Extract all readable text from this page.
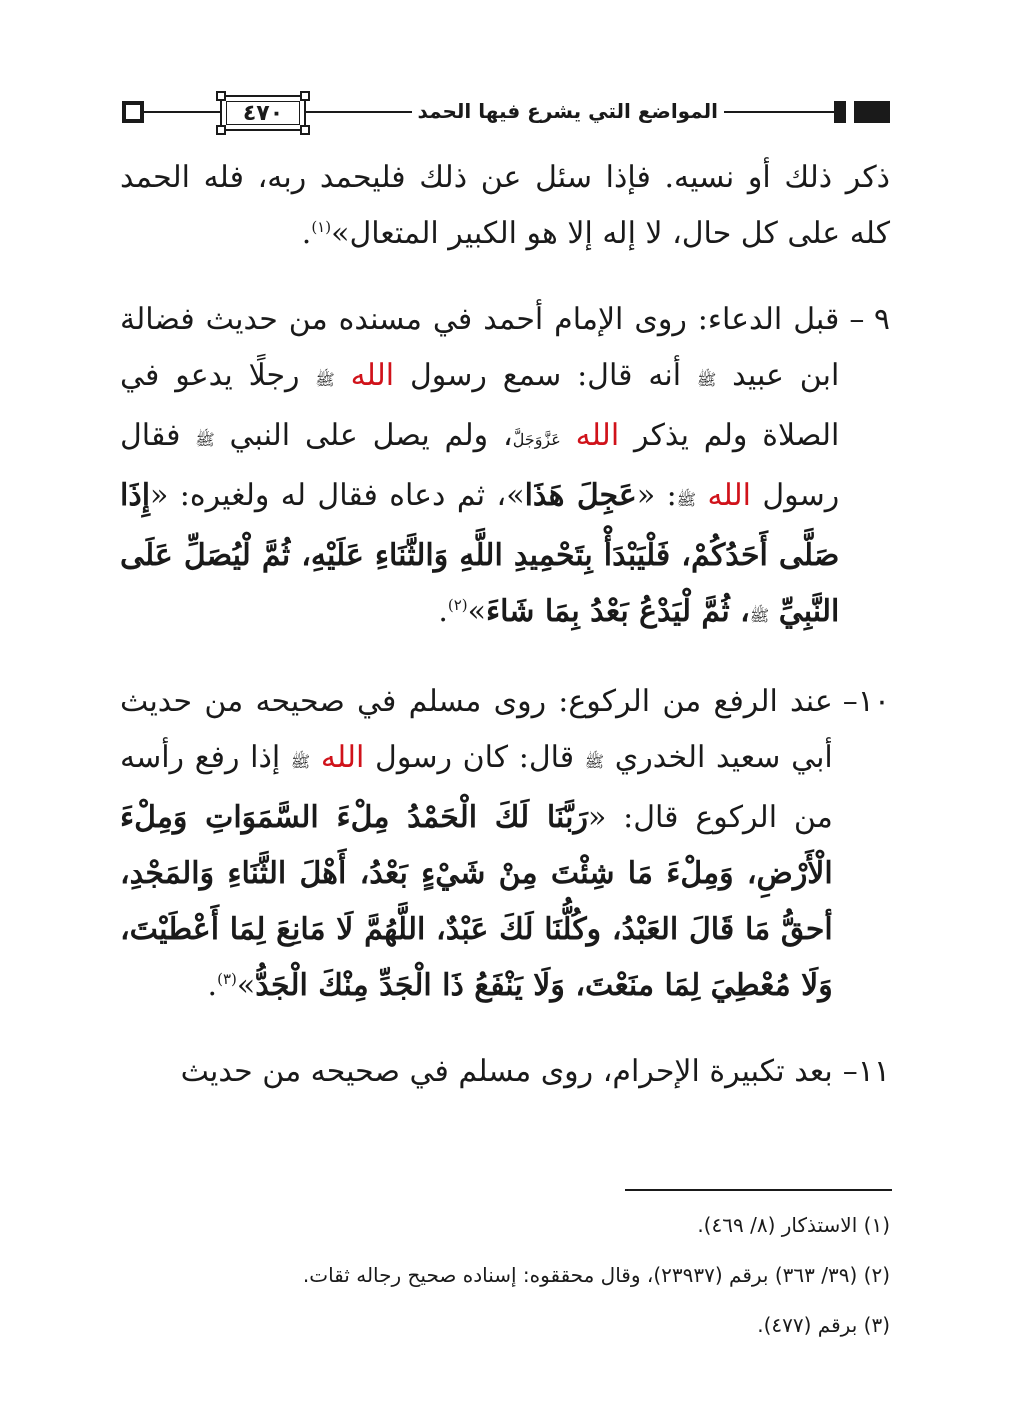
٤٧٠	المواضع التي يشرع فيها الحمد

ذكر ذلك أو نسيه. فإذا سئل عن ذلك فليحمد ربه، فله الحمد كله على كل حال، لا إله إلا هو الكبير المتعال»$^{(١)}$.

٩ –

قبل الدعاء: روى الإمام أحمد في مسنده من حديث فضالة ابن عبيد ﷺ أنه قال: سمع رسول الله ﷺ رجلًا يدعو في الصلاة ولم يذكر الله عَزَّوَجَلَّ، ولم يصل على النبي ﷺ فقال رسول الله ﷺ: «عَجِلَ هَذَا»، ثم دعاه فقال له ولغيره: «إِذَا صَلَّى أَحَدُكُمْ، فَلْيَبْدَأْ بِتَحْمِيدِ اللَّهِ وَالثَّنَاءِ عَلَيْهِ، ثُمَّ لْيُصَلِّ عَلَى النَّبِيِّ ﷺ، ثُمَّ لْيَدْعُ بَعْدُ بِمَا شَاءَ»$^{(٢)}$.

١٠–

عند الرفع من الركوع: روى مسلم في صحيحه من حديث أبي سعيد الخدري ﷺ قال: كان رسول الله ﷺ إذا رفع رأسه من الركوع قال: «رَبَّنَا لَكَ الْحَمْدُ مِلْءَ السَّمَوَاتِ وَمِلْءَ الْأَرْضِ، وَمِلْءَ مَا شِئْتَ مِنْ شَيْءٍ بَعْدُ، أَهْلَ الثَّنَاءِ وَالمَجْدِ، أحقُّ مَا قَالَ العَبْدُ، وكُلُّنَا لَكَ عَبْدٌ، اللَّهُمَّ لَا مَانِعَ لِمَا أَعْطَيْتَ، وَلَا مُعْطِيَ لِمَا منَعْتَ، وَلَا يَنْفَعُ ذَا الْجَدِّ مِنْكَ الْجَدُّ»$^{(٣)}$.

١١–

بعد تكبيرة الإحرام، روى مسلم في صحيحه من حديث

(١) الاستذكار (٨/ ٤٦٩).

(٢) (٣٩/ ٣٦٣) برقم (٢٣٩٣٧)، وقال محققوه: إسناده صحيح رجاله ثقات.

(٣) برقم (٤٧٧).
